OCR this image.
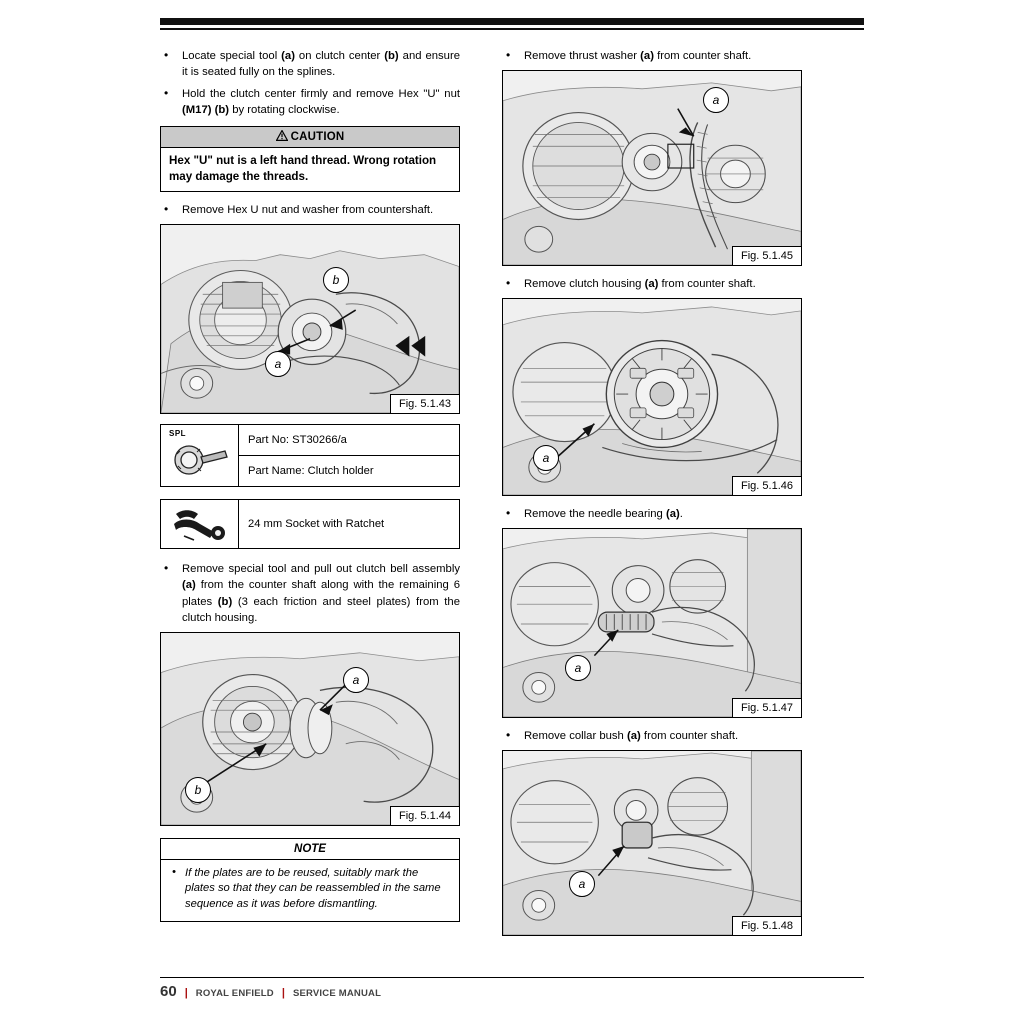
• Locate special tool (a) on clutch center (b) and ensure it is seated fully on the splines.
• Hold the clutch center firmly and remove Hex "U" nut (M17) (b) by rotating clockwise.
CAUTION
Hex "U" nut is a left hand thread. Wrong rotation may damage the threads.
• Remove Hex U nut and washer from countershaft.
b
a
Fig. 5.1.43
SPL
Part No: ST30266/a
Part Name: Clutch holder
24 mm Socket with Ratchet
• Remove special tool and pull out clutch bell assembly (a) from the counter shaft along with the remaining 6 plates (b) (3 each friction and steel plates) from the clutch housing.
a
b
Fig. 5.1.44
NOTE
• If the plates are to be reused, suitably mark the plates so that they can be reassembled in the same sequence as it was before dismantling.
• Remove thrust washer (a) from counter shaft.
a
Fig. 5.1.45
• Remove clutch housing (a) from counter shaft.
a
Fig. 5.1.46
• Remove the needle bearing (a).
a
Fig. 5.1.47
• Remove collar bush (a) from counter shaft.
a
Fig. 5.1.48
60 | ROYAL ENFIELD | SERVICE MANUAL
